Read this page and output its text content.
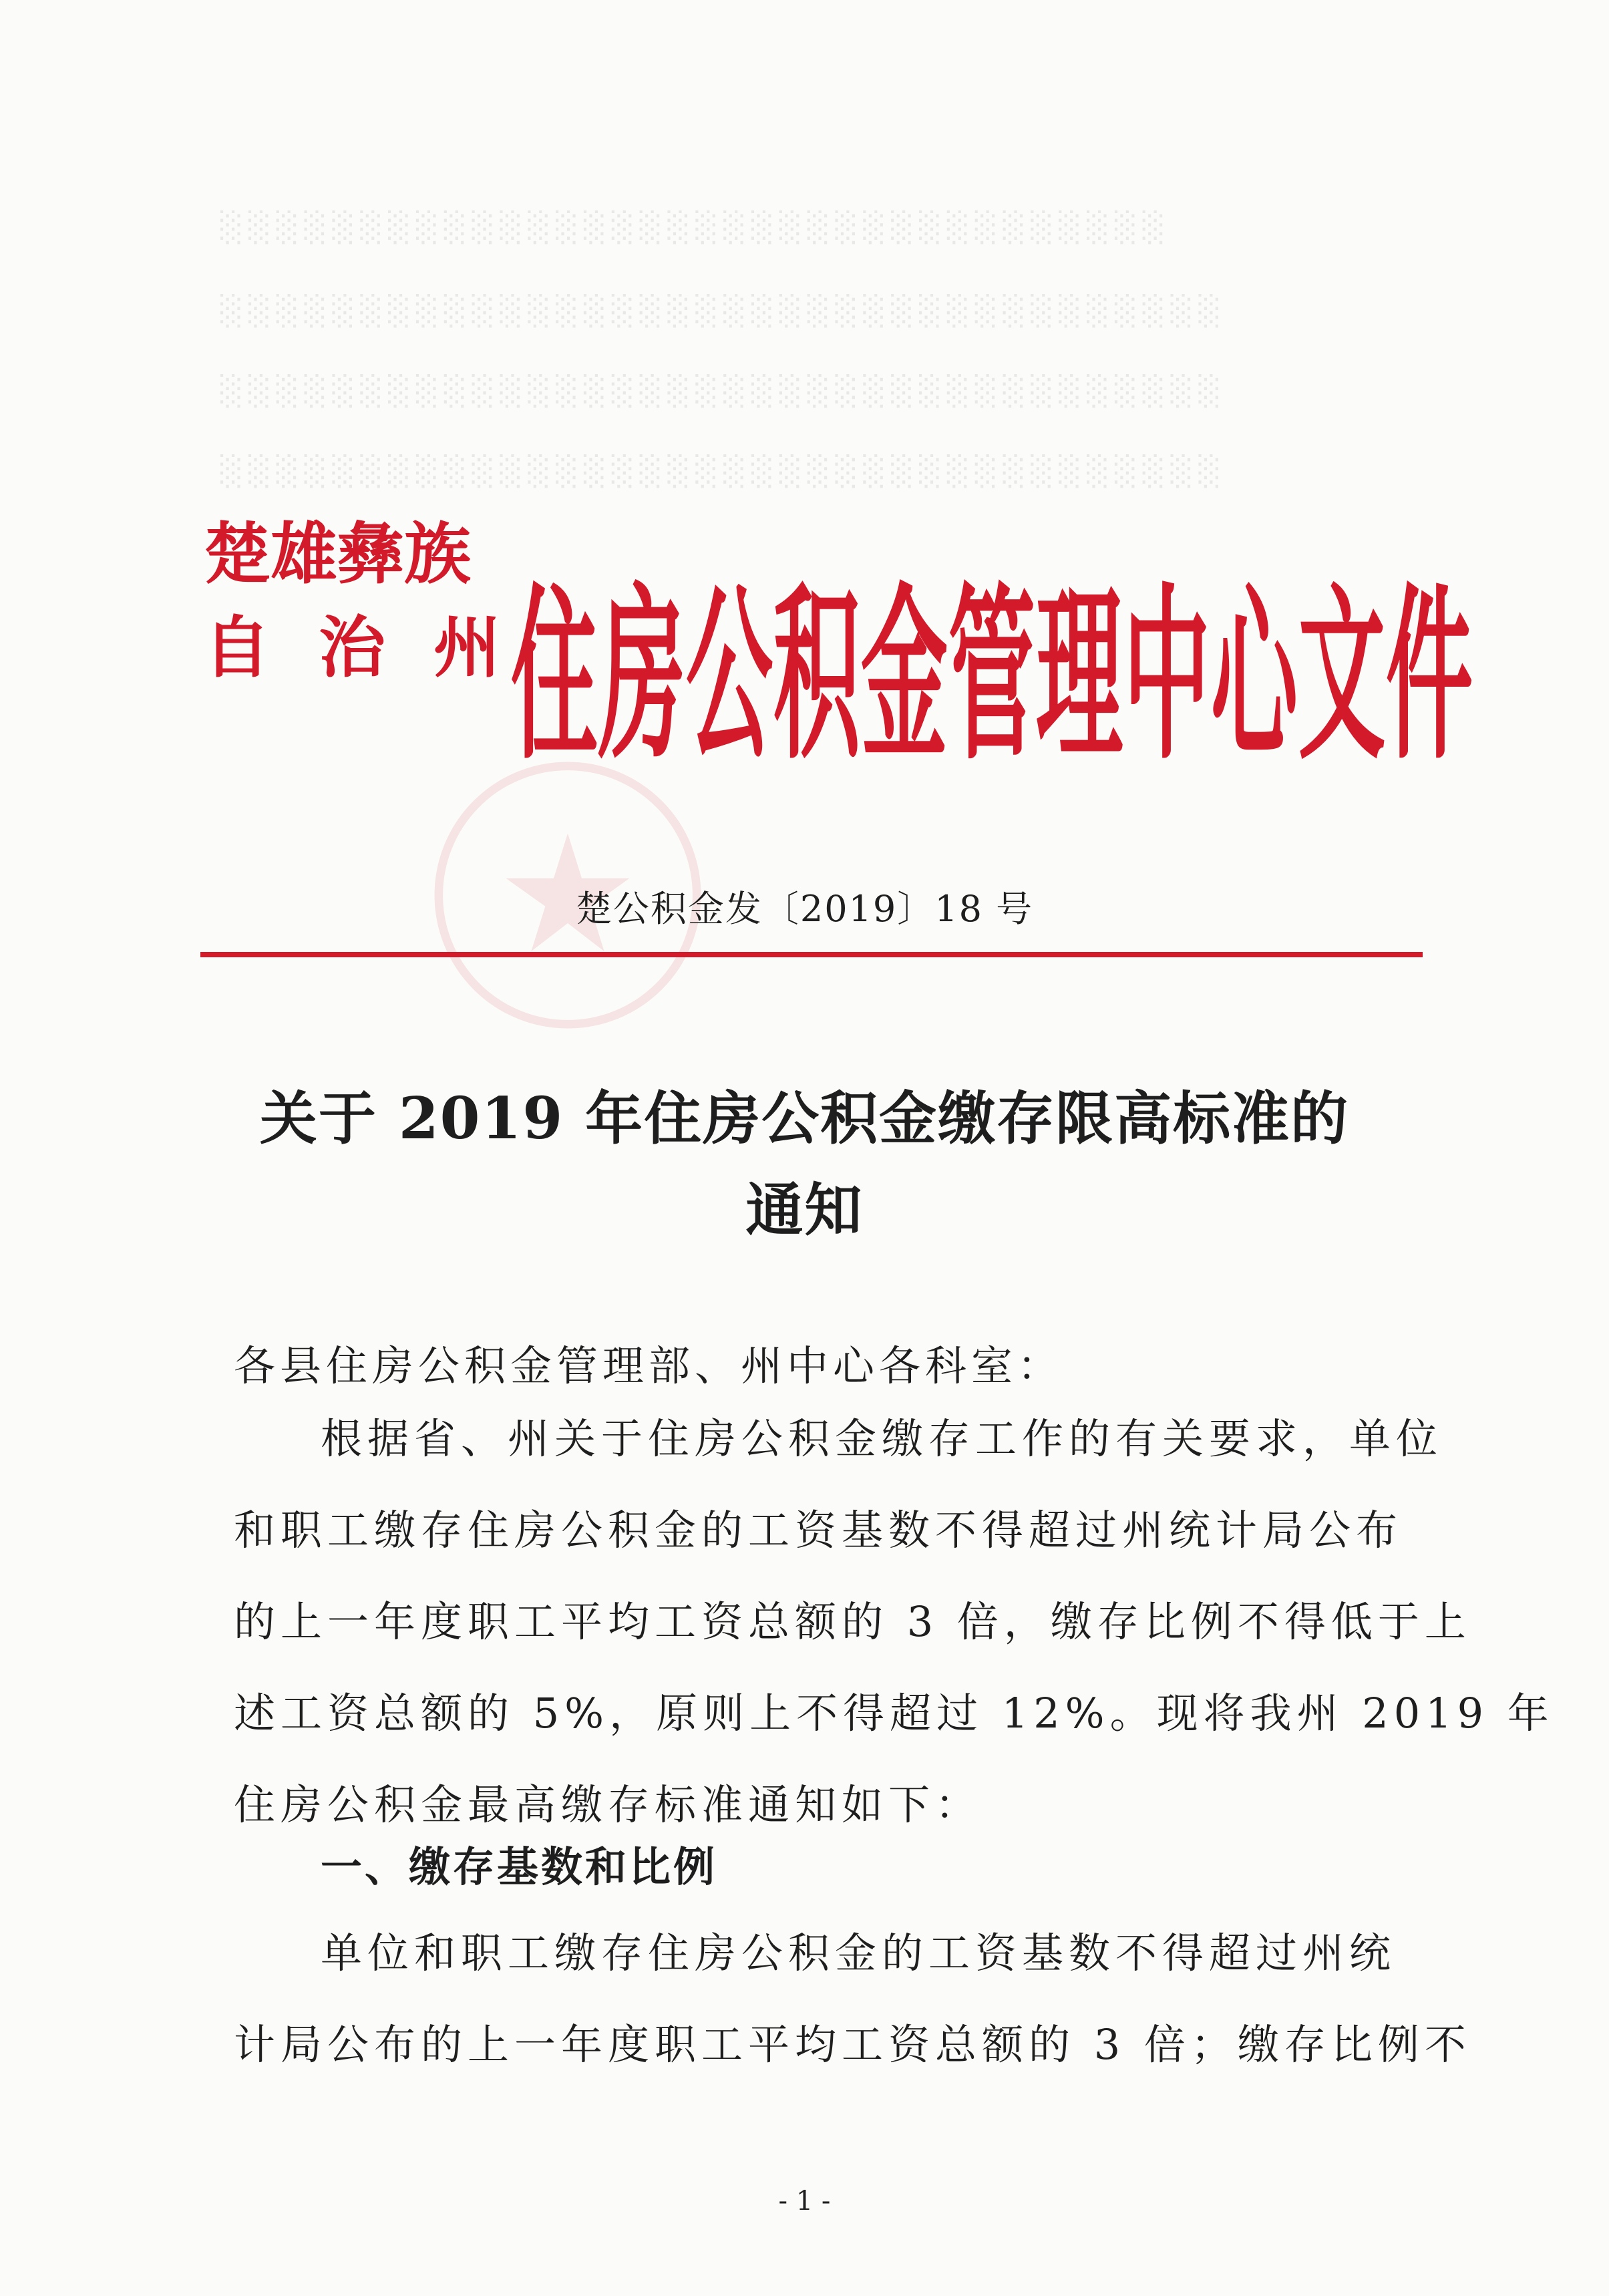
░░░░░░░░░░░░░░░░░░░░░░░░░░░░░░░░░░
░░░░░░░░░░░░░░░░░░░░░░░░░░░░░░░░░░░░
░░░░░░░░░░░░░░░░░░░░░░░░░░░░░░░░░░░░
░░░░░░░░░░░░░░░░░░░░░░░░░░░░░░░░░░░░
楚雄彝族
自治州
住房公积金管理中心文件
楚公积金发〔2019〕18 号
关于 2019 年住房公积金缴存限高标准的
通知
各县住房公积金管理部、州中心各科室：
根据省、州关于住房公积金缴存工作的有关要求，单位
和职工缴存住房公积金的工资基数不得超过州统计局公布
的上一年度职工平均工资总额的 3 倍，缴存比例不得低于上
述工资总额的 5%，原则上不得超过 12%。现将我州 2019 年
住房公积金最高缴存标准通知如下：
一、缴存基数和比例
单位和职工缴存住房公积金的工资基数不得超过州统
计局公布的上一年度职工平均工资总额的 3 倍；缴存比例不
- 1 -
